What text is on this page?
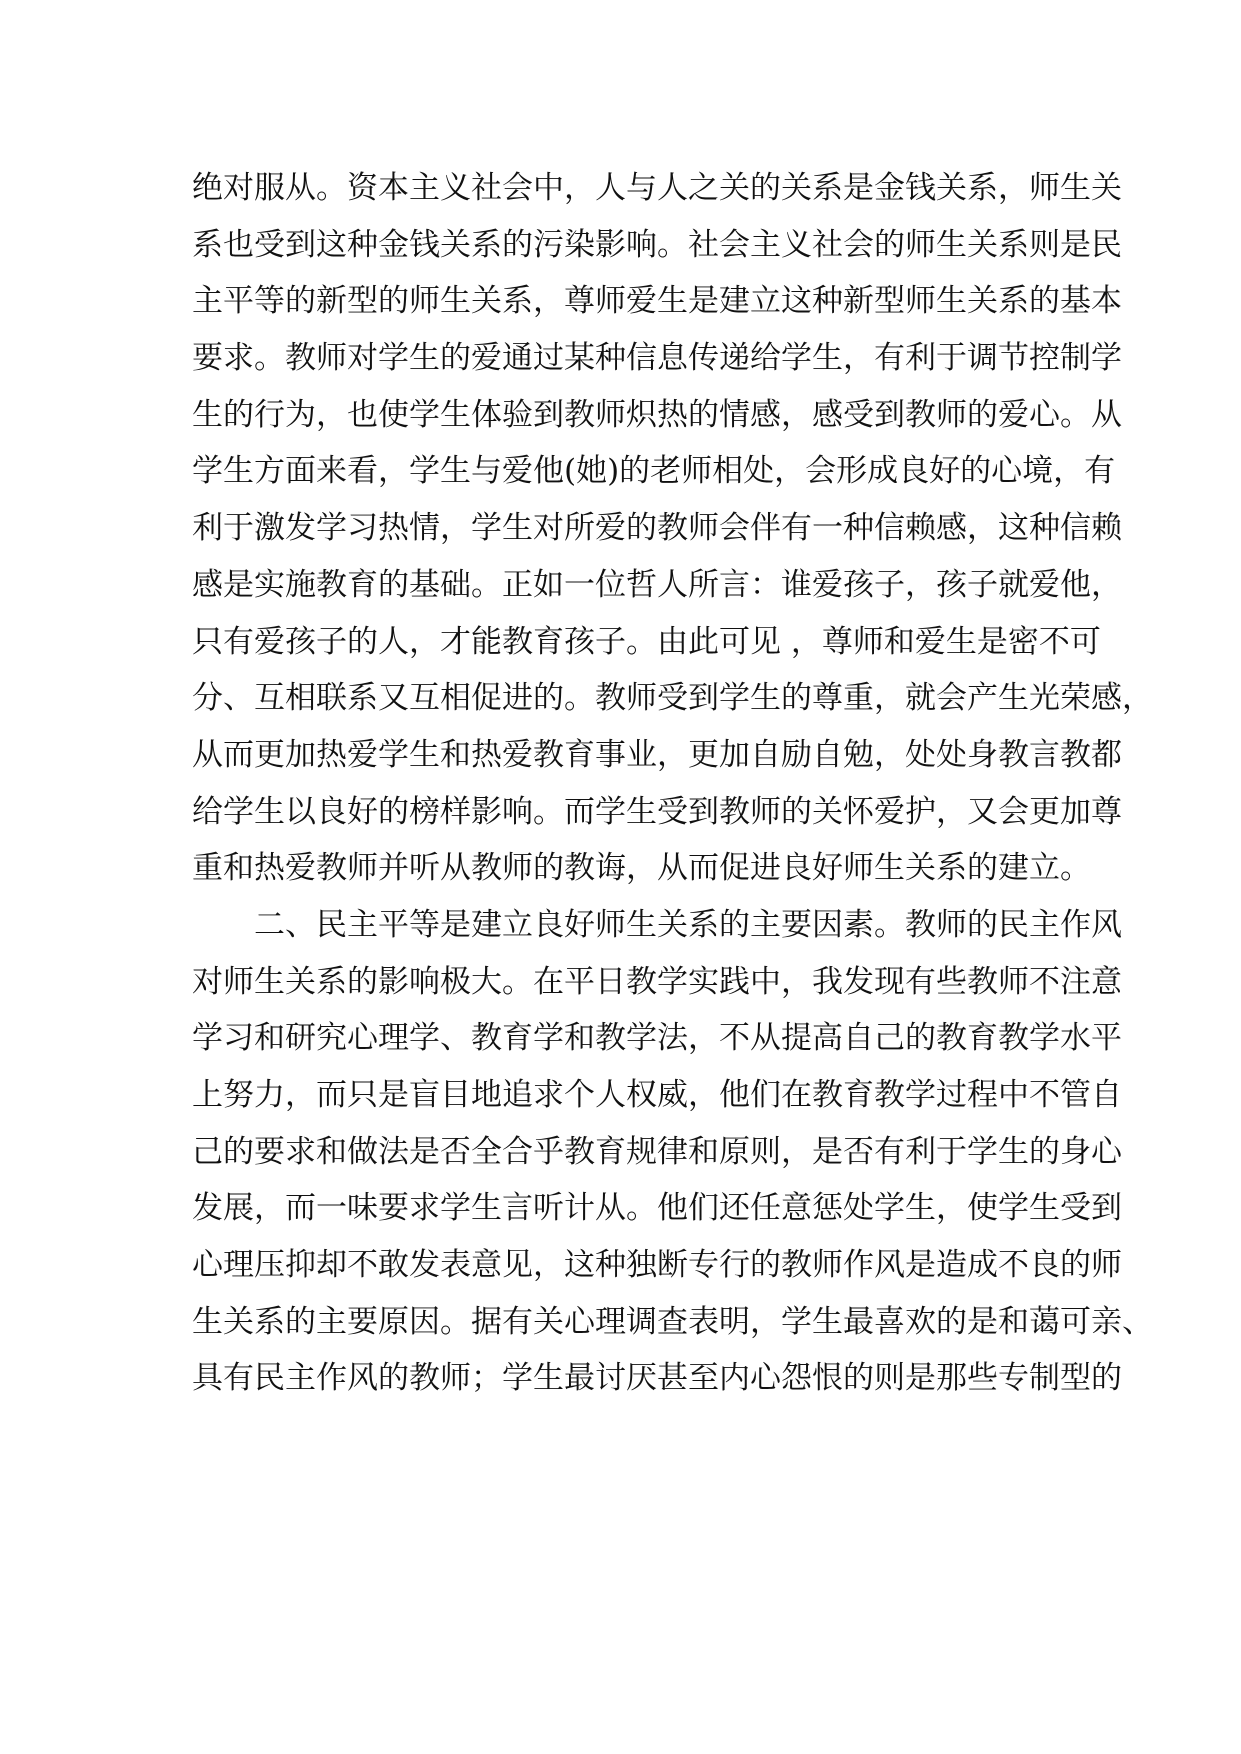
绝对服从。资本主义社会中，人与人之关的关系是金钱关系，师生关
系也受到这种金钱关系的污染影响。社会主义社会的师生关系则是民
主平等的新型的师生关系，尊师爱生是建立这种新型师生关系的基本
要求。教师对学生的爱通过某种信息传递给学生，有利于调节控制学
生的行为，也使学生体验到教师炽热的情感，感受到教师的爱心。从
学生方面来看，学生与爱他(她)的老师相处，会形成良好的心境，有
利于激发学习热情，学生对所爱的教师会伴有一种信赖感，这种信赖
感是实施教育的基础。正如一位哲人所言：谁爱孩子，孩子就爱他，
只有爱孩子的人，才能教育孩子。由此可见 ，尊师和爱生是密不可
分、互相联系又互相促进的。教师受到学生的尊重，就会产生光荣感，
从而更加热爱学生和热爱教育事业，更加自励自勉，处处身教言教都
给学生以良好的榜样影响。而学生受到教师的关怀爱护，又会更加尊
重和热爱教师并听从教师的教诲，从而促进良好师生关系的建立。
二、民主平等是建立良好师生关系的主要因素。教师的民主作风
对师生关系的影响极大。在平日教学实践中，我发现有些教师不注意
学习和研究心理学、教育学和教学法，不从提高自己的教育教学水平
上努力，而只是盲目地追求个人权威，他们在教育教学过程中不管自
己的要求和做法是否全合乎教育规律和原则，是否有利于学生的身心
发展，而一味要求学生言听计从。他们还任意惩处学生，使学生受到
心理压抑却不敢发表意见，这种独断专行的教师作风是造成不良的师
生关系的主要原因。据有关心理调查表明，学生最喜欢的是和蔼可亲、
具有民主作风的教师；学生最讨厌甚至内心怨恨的则是那些专制型的
